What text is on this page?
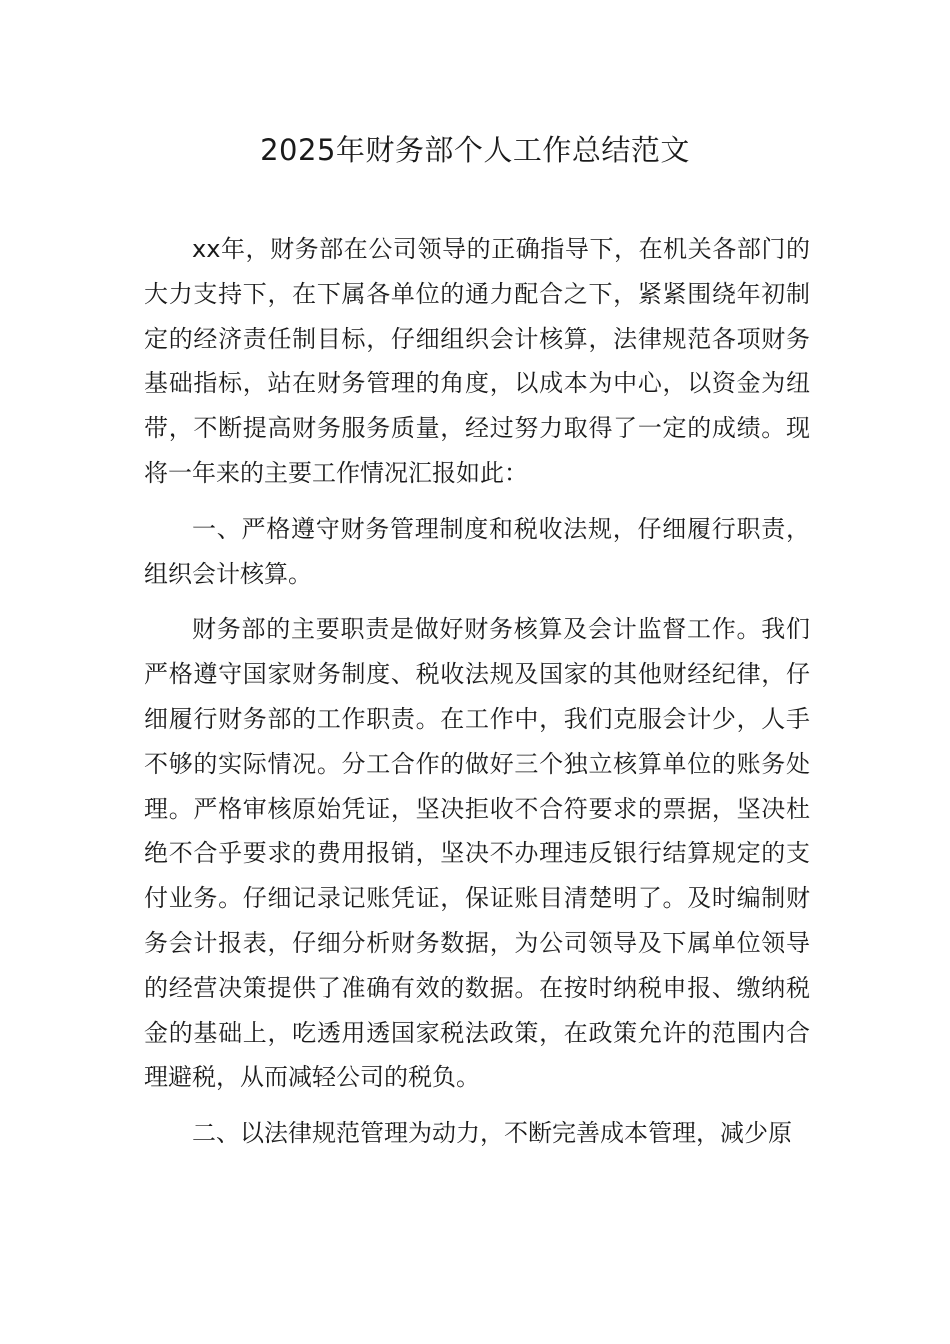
2025年财务部个人工作总结范文

xx年，财务部在公司领导的正确指导下，在机关各部门的大力支持下，在下属各单位的通力配合之下，紧紧围绕年初制定的经济责任制目标，仔细组织会计核算，法律规范各项财务基础指标，站在财务管理的角度，以成本为中心，以资金为纽带，不断提高财务服务质量，经过努力取得了一定的成绩。现将一年来的主要工作情况汇报如此：

一、严格遵守财务管理制度和税收法规，仔细履行职责，组织会计核算。

财务部的主要职责是做好财务核算及会计监督工作。我们严格遵守国家财务制度、税收法规及国家的其他财经纪律，仔细履行财务部的工作职责。在工作中，我们克服会计少，人手不够的实际情况。分工合作的做好三个独立核算单位的账务处理。严格审核原始凭证，坚决拒收不合符要求的票据，坚决杜绝不合乎要求的费用报销，坚决不办理违反银行结算规定的支付业务。仔细记录记账凭证，保证账目清楚明了。及时编制财务会计报表，仔细分析财务数据，为公司领导及下属单位领导的经营决策提供了准确有效的数据。在按时纳税申报、缴纳税金的基础上，吃透用透国家税法政策，在政策允许的范围内合理避税，从而减轻公司的税负。

二、以法律规范管理为动力，不断完善成本管理，减少原
